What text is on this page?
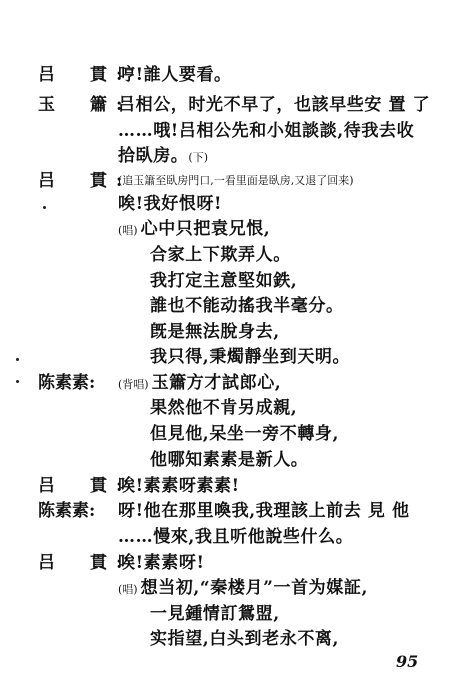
吕　貫:
哼!誰人要看。
玉　簫:
吕相公，时光不早了，也該早些安 置 了
……哦!吕相公先和小姐談談,待我去收
拾臥房。(下)
吕　貫:
(追玉簫至臥房門口,一看里面是臥房,又退了回来)
唉!我好恨呀!
(唱) 心中只把袁兄恨,
合家上下欺弄人。
我打定主意堅如鉄,
誰也不能动搖我半毫分。
旣是無法脫身去,
我只得,秉燭靜坐到天明。
陈素素:	(背唱) 玉簫方才試郎心,
果然他不肯另成親,
但見他,呆坐一旁不轉身,
他哪知素素是新人。
吕　貫:
唉!素素呀素素!
陈素素:	呀!他在那里喚我,我理該上前去 見 他
……慢來,我且听他說些什么。
吕　貫:
唉!素素呀!
(唱) 想当初,“秦楼月”一首为媒証,
一見鍾情訂鴛盟,
实指望,白头到老永不离,
95
